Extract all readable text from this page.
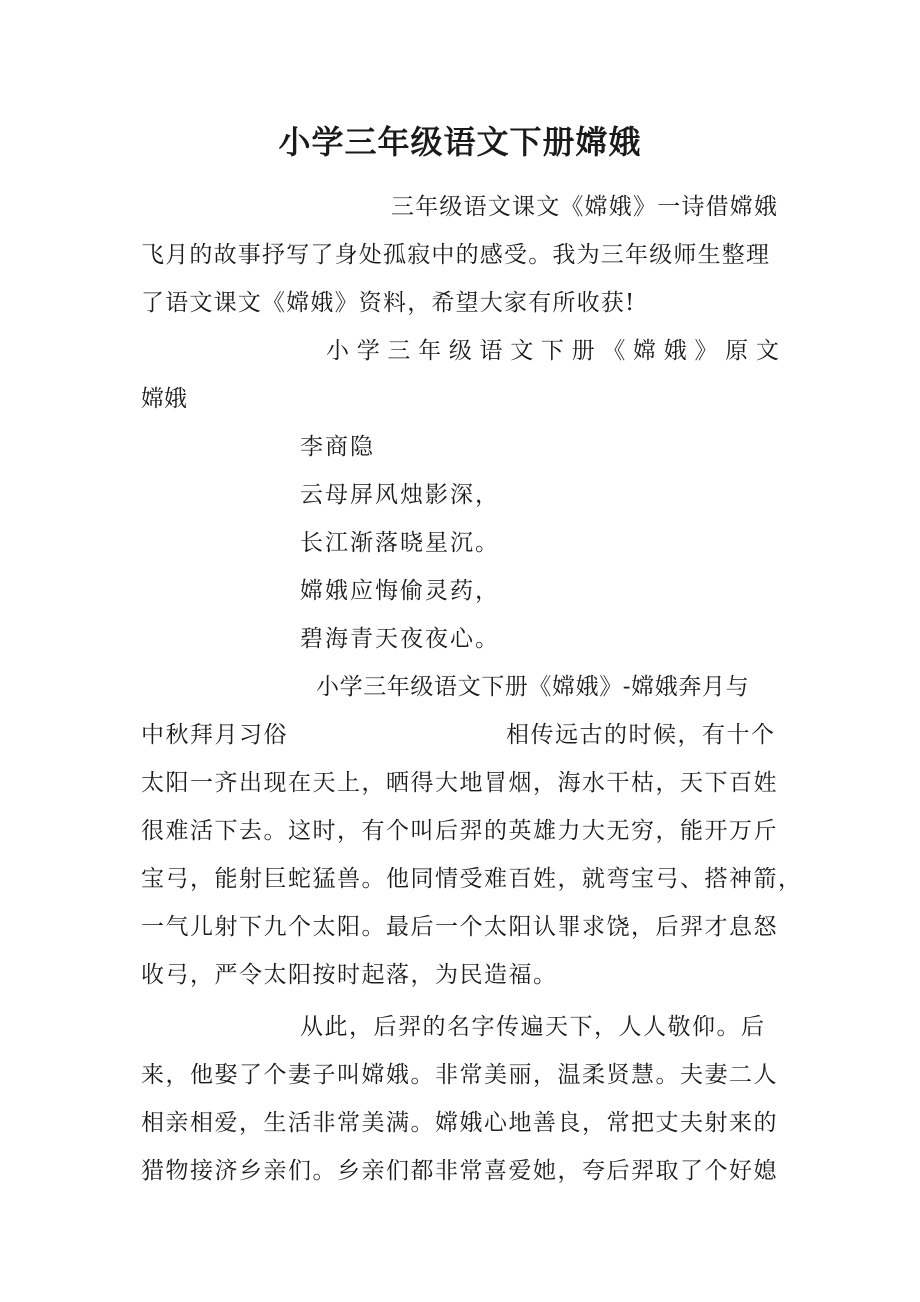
小学三年级语文下册嫦娥
三年级语文课文《嫦娥》一诗借嫦娥
飞月的故事抒写了身处孤寂中的感受。我为三年级师生整理
了语文课文《嫦娥》资料，希望大家有所收获!
小 学 三 年 级 语 文 下 册 《 嫦 娥 》 原 文
嫦娥
李商隐
云母屏风烛影深，
长江渐落晓星沉。
嫦娥应悔偷灵药，
碧海青天夜夜心。
小学三年级语文下册《嫦娥》-嫦娥奔月与
中秋拜月习俗	相传远古的时候，有十个
太阳一齐出现在天上，晒得大地冒烟，海水干枯，天下百姓
很难活下去。这时，有个叫后羿的英雄力大无穷，能开万斤
宝弓，能射巨蛇猛兽。他同情受难百姓，就弯宝弓、搭神箭，
一气儿射下九个太阳。最后一个太阳认罪求饶，后羿才息怒
收弓，严令太阳按时起落，为民造福。
从此，后羿的名字传遍天下，人人敬仰。后
来，他娶了个妻子叫嫦娥。非常美丽，温柔贤慧。夫妻二人
相亲相爱，生活非常美满。嫦娥心地善良，常把丈夫射来的
猎物接济乡亲们。乡亲们都非常喜爱她，夸后羿取了个好媳
